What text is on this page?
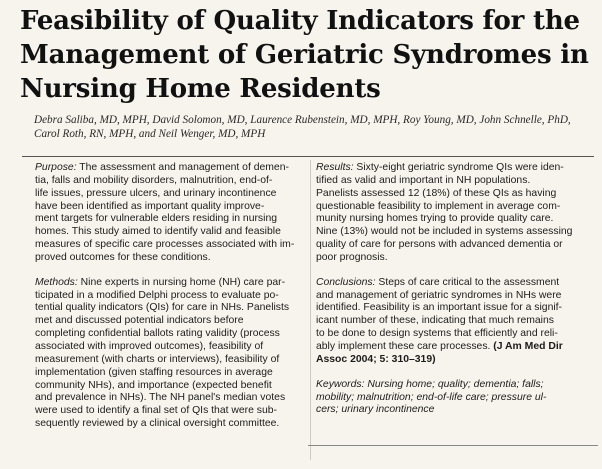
Feasibility of Quality Indicators for the
Management of Geriatric Syndromes in
Nursing Home Residents
Debra Saliba, MD, MPH, David Solomon, MD, Laurence Rubenstein, MD, MPH, Roy Young, MD, John Schnelle, PhD,
Carol Roth, RN, MPH, and Neil Wenger, MD, MPH

Purpose: The assessment and management of demen-
tia, falls and mobility disorders, malnutrition, end-of-
life issues, pressure ulcers, and urinary incontinence
have been identified as important quality improve-
ment targets for vulnerable elders residing in nursing
homes. This study aimed to identify valid and feasible
measures of specific care processes associated with im-
proved outcomes for these conditions.

Methods: Nine experts in nursing home (NH) care par-
ticipated in a modified Delphi process to evaluate po-
tential quality indicators (QIs) for care in NHs. Panelists
met and discussed potential indicators before
completing confidential ballots rating validity (process
associated with improved outcomes), feasibility of
measurement (with charts or interviews), feasibility of
implementation (given staffing resources in average
community NHs), and importance (expected benefit
and prevalence in NHs). The NH panel's median votes
were used to identify a final set of QIs that were sub-
sequently reviewed by a clinical oversight committee.

Results: Sixty-eight geriatric syndrome QIs were iden-
tified as valid and important in NH populations.
Panelists assessed 12 (18%) of these QIs as having
questionable feasibility to implement in average com-
munity nursing homes trying to provide quality care.
Nine (13%) would not be included in systems assessing
quality of care for persons with advanced dementia or
poor prognosis.

Conclusions: Steps of care critical to the assessment
and management of geriatric syndromes in NHs were
identified. Feasibility is an important issue for a signif-
icant number of these, indicating that much remains
to be done to design systems that efficiently and reli-
ably implement these care processes. (J Am Med Dir
Assoc 2004; 5: 310–319)

Keywords: Nursing home; quality; dementia; falls;
mobility; malnutrition; end-of-life care; pressure ul-
cers; urinary incontinence
